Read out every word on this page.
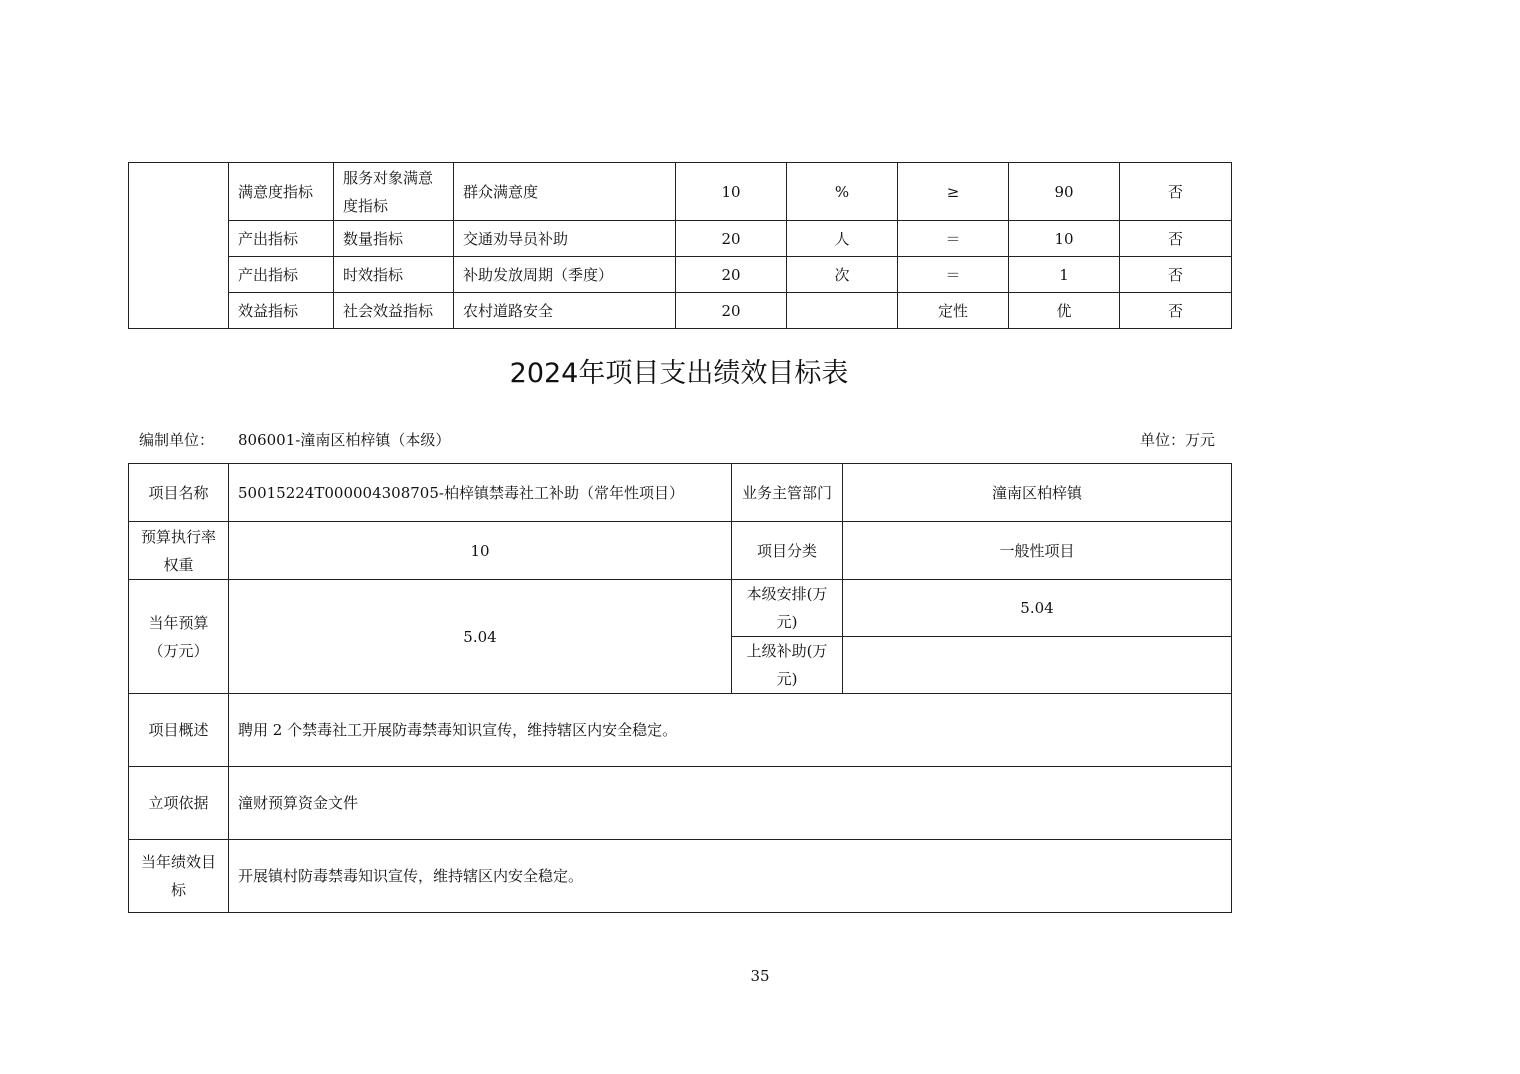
	满意度指标	服务对象满意度指标	群众满意度	10	%	≥	90	否
	产出指标	数量指标	交通劝导员补助	20	人	＝	10	否
	产出指标	时效指标	补助发放周期（季度）	20	次	＝	1	否
	效益指标	社会效益指标	农村道路安全	20		定性	优	否
2024年项目支出绩效目标表
编制单位： 806001-潼南区柏梓镇（本级）	单位：万元
项目名称	50015224T000004308705-柏梓镇禁毒社工补助（常年性项目）	业务主管部门	潼南区柏梓镇
预算执行率权重	10	项目分类	一般性项目
当年预算（万元）	5.04	本级安排(万元)	5.04
		上级补助(万元)	
项目概述	聘用 2 个禁毒社工开展防毒禁毒知识宣传，维持辖区内安全稳定。		
立项依据	潼财预算资金文件		
当年绩效目标	开展镇村防毒禁毒知识宣传，维持辖区内安全稳定。		
35
